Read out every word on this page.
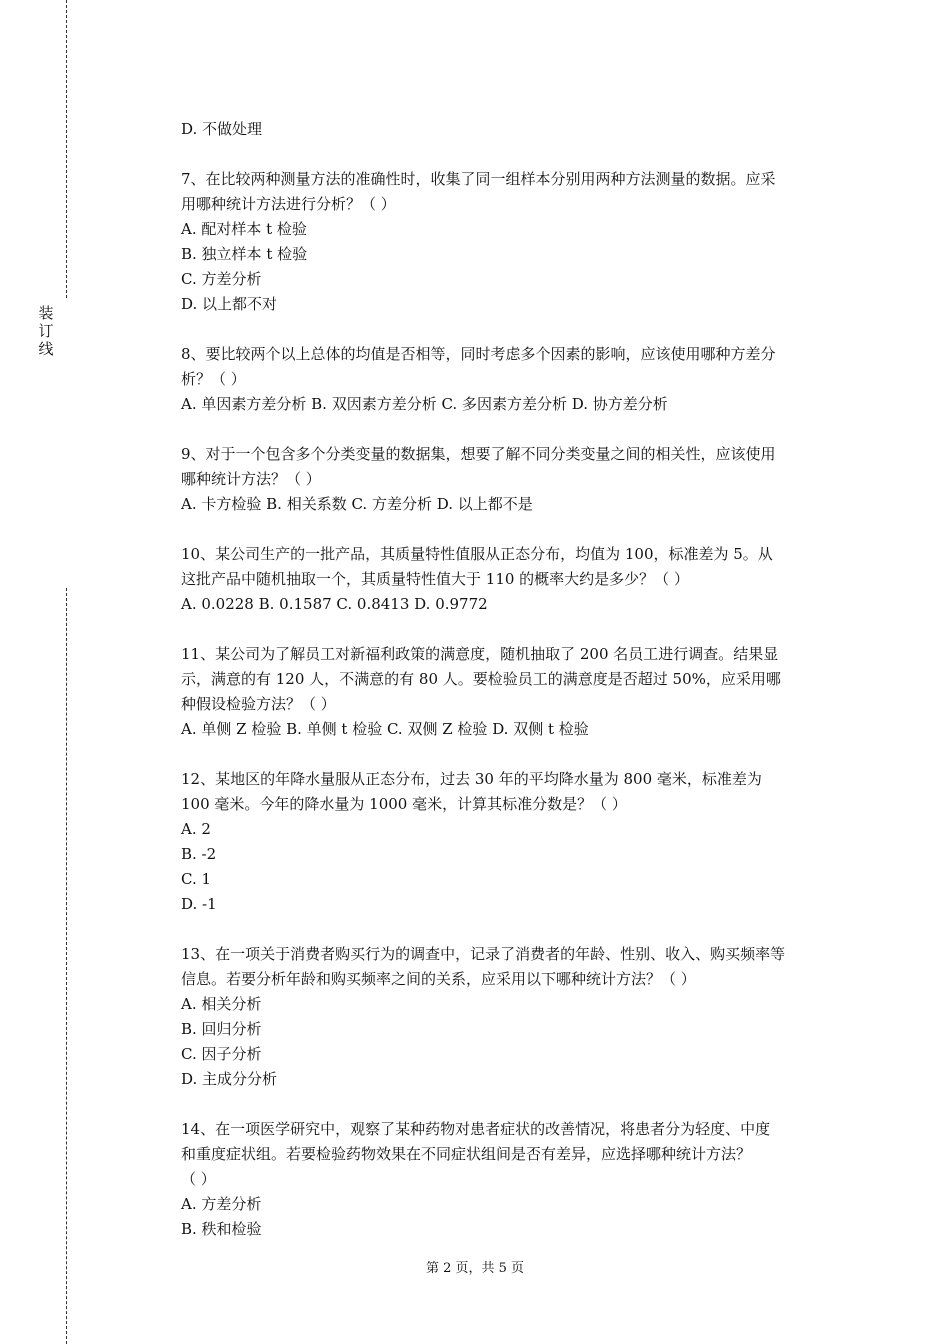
装
订
线
D. 不做处理
7、在比较两种测量方法的准确性时，收集了同一组样本分别用两种方法测量的数据。应采
用哪种统计方法进行分析？（ ）
A. 配对样本 t 检验
B. 独立样本 t 检验
C. 方差分析
D. 以上都不对
8、要比较两个以上总体的均值是否相等，同时考虑多个因素的影响，应该使用哪种方差分
析？（ ）
A. 单因素方差分析 B. 双因素方差分析 C. 多因素方差分析 D. 协方差分析
9、对于一个包含多个分类变量的数据集，想要了解不同分类变量之间的相关性，应该使用
哪种统计方法？（ ）
A. 卡方检验 B. 相关系数 C. 方差分析 D. 以上都不是
10、某公司生产的一批产品，其质量特性值服从正态分布，均值为 100，标准差为 5。从
这批产品中随机抽取一个，其质量特性值大于 110 的概率大约是多少？（ ）
A. 0.0228 B. 0.1587 C. 0.8413 D. 0.9772
11、某公司为了解员工对新福利政策的满意度，随机抽取了 200 名员工进行调查。结果显
示，满意的有 120 人，不满意的有 80 人。要检验员工的满意度是否超过 50%，应采用哪
种假设检验方法？（ ）
A. 单侧 Z 检验 B. 单侧 t 检验 C. 双侧 Z 检验 D. 双侧 t 检验
12、某地区的年降水量服从正态分布，过去 30 年的平均降水量为 800 毫米，标准差为
100 毫米。今年的降水量为 1000 毫米，计算其标准分数是？（ ）
A. 2
B. -2
C. 1
D. -1
13、在一项关于消费者购买行为的调查中，记录了消费者的年龄、性别、收入、购买频率等
信息。若要分析年龄和购买频率之间的关系，应采用以下哪种统计方法？（ ）
A. 相关分析
B. 回归分析
C. 因子分析
D. 主成分分析
14、在一项医学研究中，观察了某种药物对患者症状的改善情况，将患者分为轻度、中度
和重度症状组。若要检验药物效果在不同症状组间是否有差异，应选择哪种统计方法？
（ ）
A. 方差分析
B. 秩和检验
第 2 页，共 5 页
